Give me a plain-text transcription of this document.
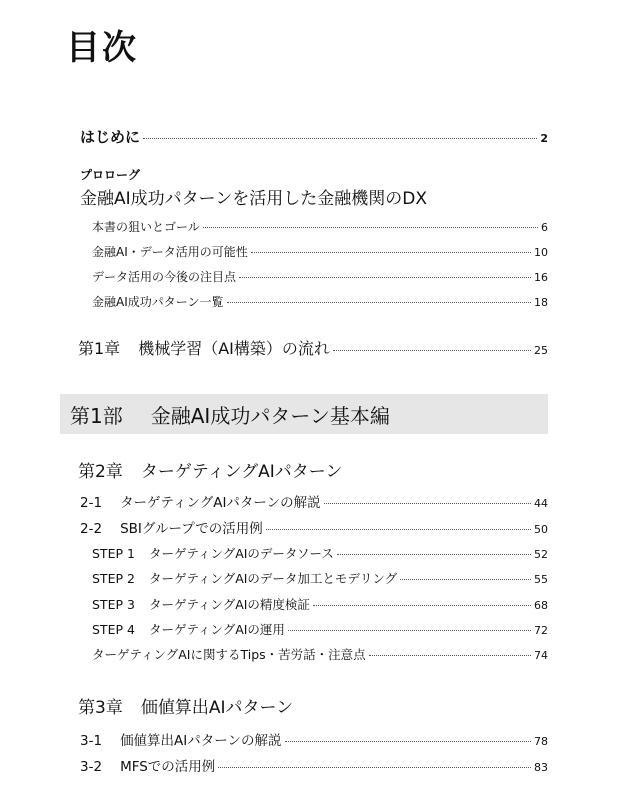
目次
はじめに	2
プロローグ
金融AI成功パターンを活用した金融機関のDX
本書の狙いとゴール	6
金融AI・データ活用の可能性	10
データ活用の今後の注目点	16
金融AI成功パターン一覧	18
第1章 機械学習（AI構築）の流れ	25
第1部 金融AI成功パターン基本編
第2章 ターゲティングAIパターン
2-1 ターゲティングAIパターンの解説	44
2-2 SBIグループでの活用例	50
STEP 1 ターゲティングAIのデータソース	52
STEP 2 ターゲティングAIのデータ加工とモデリング	55
STEP 3 ターゲティングAIの精度検証	68
STEP 4 ターゲティングAIの運用	72
ターゲティングAIに関するTips・苦労話・注意点	74
第3章 価値算出AIパターン
3-1 価値算出AIパターンの解説	78
3-2 MFSでの活用例	83
